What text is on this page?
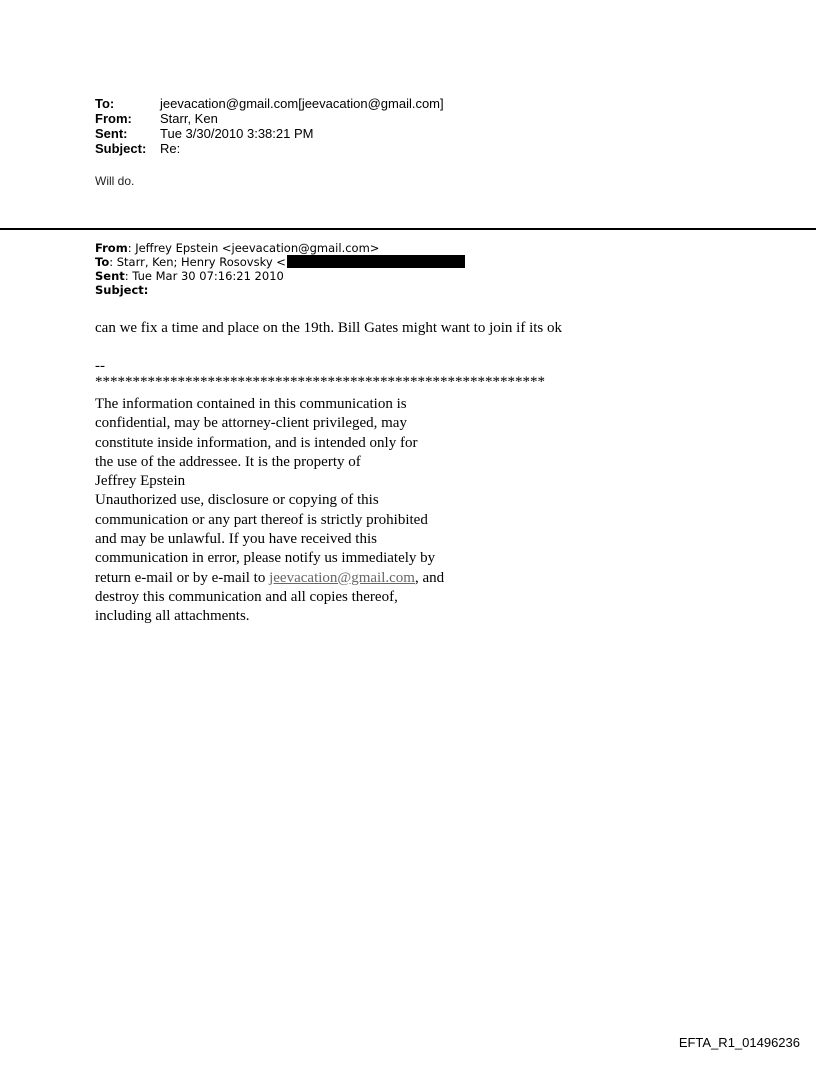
To:	jeevacation@gmail.com[jeevacation@gmail.com]
From:	Starr, Ken
Sent:	Tue 3/30/2010 3:38:21 PM
Subject:	Re:
Will do.
From: Jeffrey Epstein <jeevacation@gmail.com>
To: Starr, Ken; Henry Rosovsky <
Sent: Tue Mar 30 07:16:21 2010
Subject:
can we fix a time and place on the 19th. Bill Gates might want to join if its ok
--
************************************************************
The information contained in this communication is
confidential, may be attorney-client privileged, may
constitute inside information, and is intended only for
the use of the addressee. It is the property of
Jeffrey Epstein
Unauthorized use, disclosure or copying of this
communication or any part thereof is strictly prohibited
and may be unlawful. If you have received this
communication in error, please notify us immediately by
return e-mail or by e-mail to jeevacation@gmail.com, and
destroy this communication and all copies thereof,
including all attachments.
EFTA_R1_01496236
